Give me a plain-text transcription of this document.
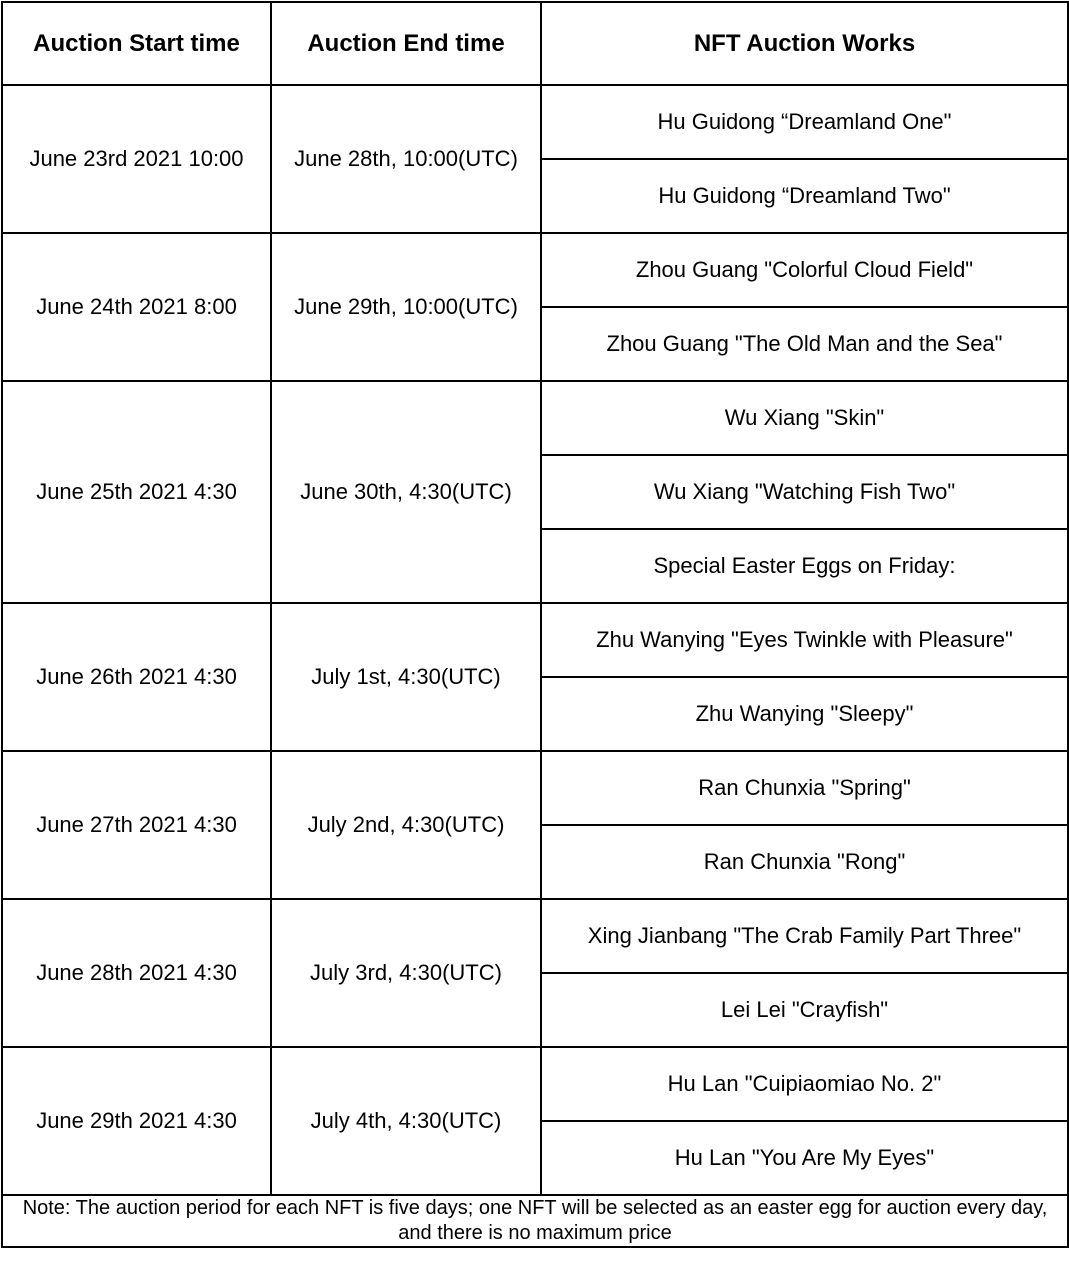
Auction Start time	Auction End time	NFT Auction Works
June 23rd 2021 10:00	June 28th, 10:00(UTC)	Hu Guidong “Dreamland One"
		Hu Guidong “Dreamland Two"
June 24th 2021 8:00	June 29th, 10:00(UTC)	Zhou Guang "Colorful Cloud Field"
		Zhou Guang "The Old Man and the Sea"
June 25th 2021 4:30	June 30th, 4:30(UTC)	Wu Xiang "Skin"
		Wu Xiang "Watching Fish Two"
		Special Easter Eggs on Friday:
June 26th 2021 4:30	July 1st, 4:30(UTC)	Zhu Wanying "Eyes Twinkle with Pleasure"
		Zhu Wanying "Sleepy"
June 27th 2021 4:30	July 2nd, 4:30(UTC)	Ran Chunxia "Spring"
		Ran Chunxia "Rong"
June 28th 2021 4:30	July 3rd, 4:30(UTC)	Xing Jianbang "The Crab Family Part Three"
		Lei Lei "Crayfish"
June 29th 2021 4:30	July 4th, 4:30(UTC)	Hu Lan "Cuipiaomiao No. 2"
		Hu Lan "You Are My Eyes"
Note: The auction period for each NFT is five days; one NFT will be selected as an easter egg for auction every day, and there is no maximum price		
